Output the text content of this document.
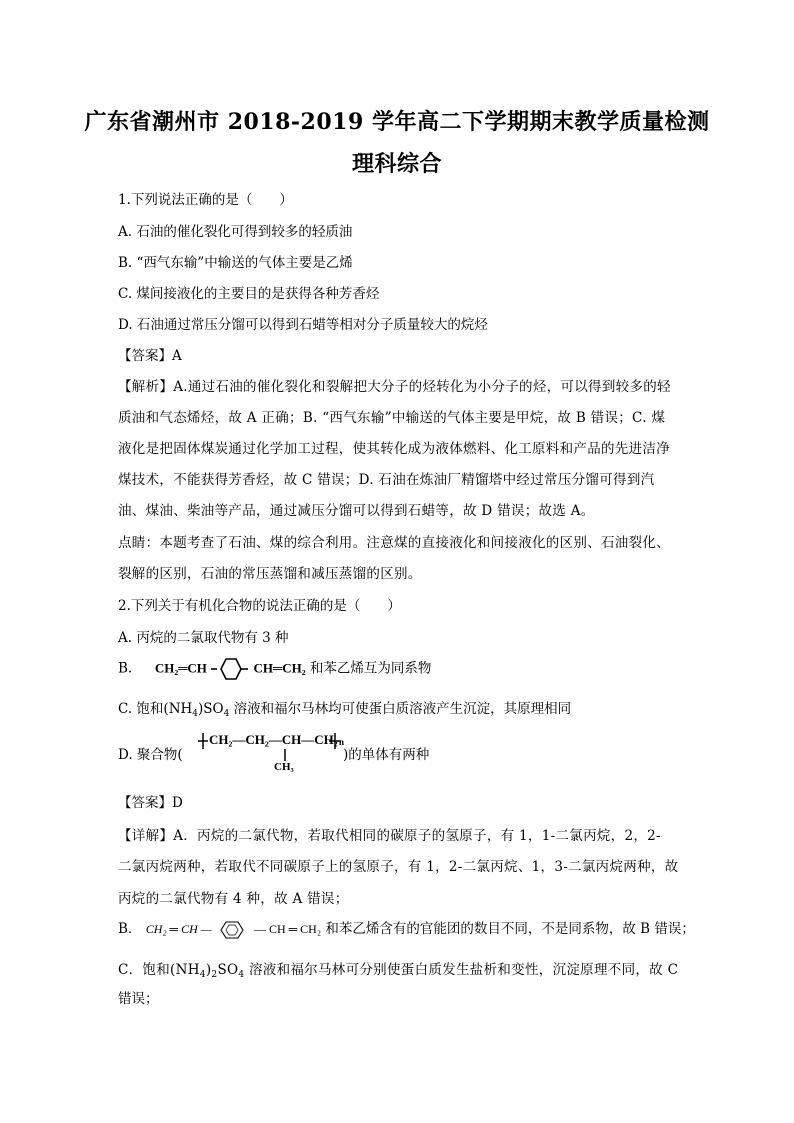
广东省潮州市 2018-2019 学年高二下学期期末教学质量检测
理科综合
1.下列说法正确的是（　　）
A. 石油的催化裂化可得到较多的轻质油
B. “西气东输”中输送的气体主要是乙烯
C. 煤间接液化的主要目的是获得各种芳香烃
D. 石油通过常压分馏可以得到石蜡等相对分子质量较大的烷烃
【答案】A
【解析】A.通过石油的催化裂化和裂解把大分子的烃转化为小分子的烃，可以得到较多的轻
质油和气态烯烃，故 A 正确；B. “西气东输”中输送的气体主要是甲烷，故 B 错误；C. 煤
液化是把固体煤炭通过化学加工过程，使其转化成为液体燃料、化工原料和产品的先进洁净
煤技术，不能获得芳香烃，故 C 错误；D. 石油在炼油厂精馏塔中经过常压分馏可得到汽
油、煤油、柴油等产品，通过减压分馏可以得到石蜡等，故 D 错误；故选 A。
点睛：本题考查了石油、煤的综合利用。注意煤的直接液化和间接液化的区别、石油裂化、
裂解的区别，石油的常压蒸馏和减压蒸馏的区别。
2.下列关于有机化合物的说法正确的是（　　）
A. 丙烷的二氯取代物有 3 种
B. CH₂═CH	CH═CH₂ 和苯乙烯互为同系物
C. 饱和$(NH_4)SO_4$ 溶液和福尔马林均可使蛋白质溶液产生沉淀，其原理相同
D. 聚合物(
CH₂—CH₂—CH—CH₂ n
CH₃
)的单体有两种
【答案】D
【详解】A．丙烷的二氯代物，若取代相同的碳原子的氢原子，有 1，1-二氯丙烷，2，2-
二氯丙烷两种，若取代不同碳原子上的氢原子，有 1，2-二氯丙烷、1，3-二氯丙烷两种，故
丙烷的二氯代物有 4 种，故 A 错误；
B． CH₂ ═ CH —	— CH ═ CH₂ 和苯乙烯含有的官能团的数目不同，不是同系物，故 B 错误；
C．饱和$(NH_4)_2SO_4$ 溶液和福尔马林可分别使蛋白质发生盐析和变性，沉淀原理不同，故 C
错误；
